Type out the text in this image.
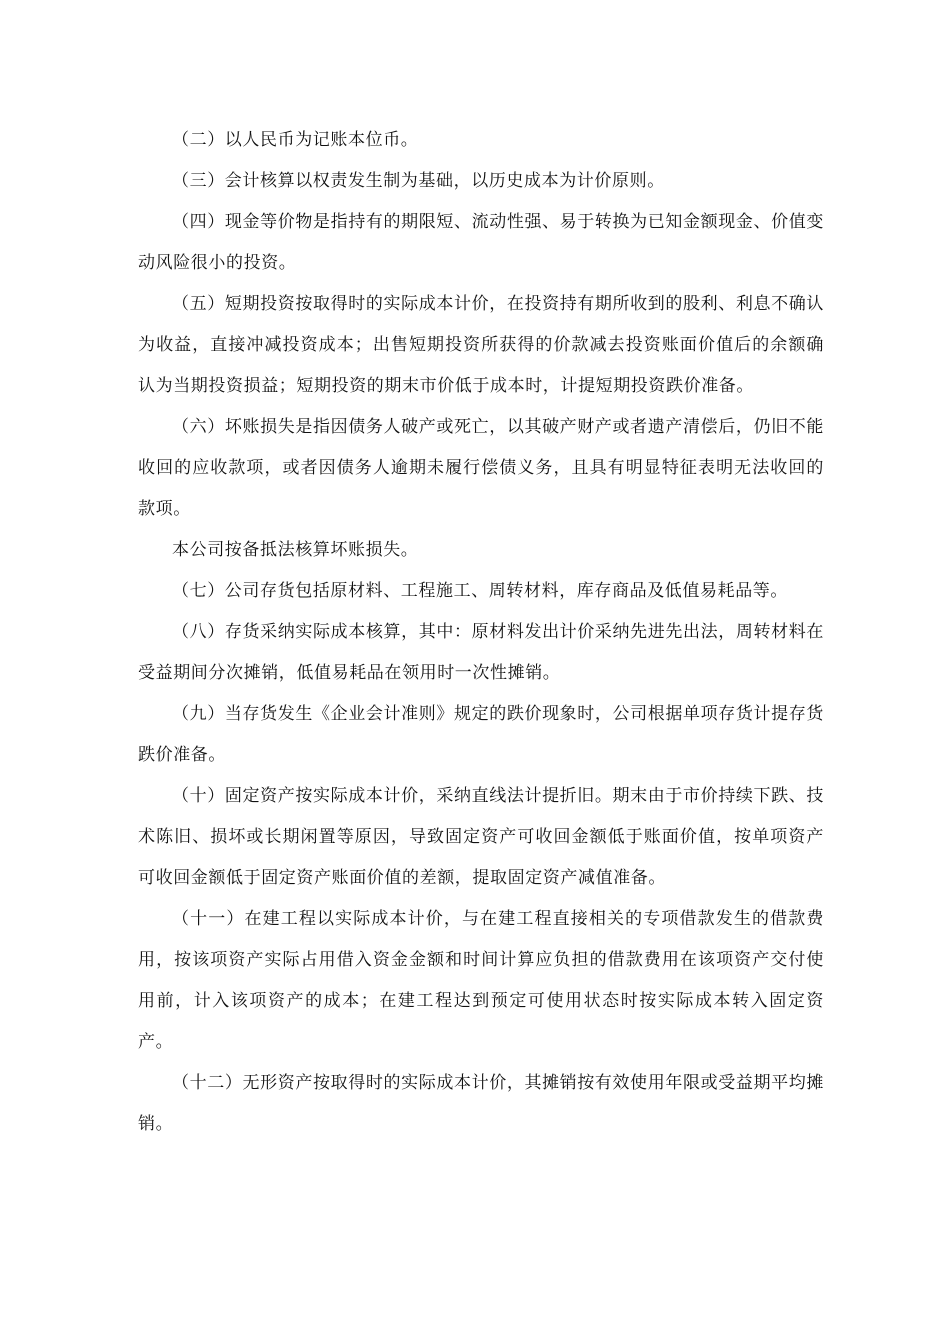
（二）以人民币为记账本位币。

（三）会计核算以权责发生制为基础，以历史成本为计价原则。

（四）现金等价物是指持有的期限短、流动性强、易于转换为已知金额现金、价值变动风险很小的投资。

（五）短期投资按取得时的实际成本计价，在投资持有期所收到的股利、利息不确认为收益，直接冲减投资成本；出售短期投资所获得的价款减去投资账面价值后的余额确认为当期投资损益；短期投资的期末市价低于成本时，计提短期投资跌价准备。

（六）坏账损失是指因债务人破产或死亡，以其破产财产或者遗产清偿后，仍旧不能收回的应收款项，或者因债务人逾期未履行偿债义务，且具有明显特征表明无法收回的款项。

本公司按备抵法核算坏账损失。

（七）公司存货包括原材料、工程施工、周转材料，库存商品及低值易耗品等。

（八）存货采纳实际成本核算，其中：原材料发出计价采纳先进先出法，周转材料在受益期间分次摊销，低值易耗品在领用时一次性摊销。

（九）当存货发生《企业会计准则》规定的跌价现象时，公司根据单项存货计提存货跌价准备。

（十）固定资产按实际成本计价，采纳直线法计提折旧。期末由于市价持续下跌、技术陈旧、损坏或长期闲置等原因，导致固定资产可收回金额低于账面价值，按单项资产可收回金额低于固定资产账面价值的差额，提取固定资产减值准备。

（十一）在建工程以实际成本计价，与在建工程直接相关的专项借款发生的借款费用，按该项资产实际占用借入资金金额和时间计算应负担的借款费用在该项资产交付使用前，计入该项资产的成本；在建工程达到预定可使用状态时按实际成本转入固定资产。

（十二）无形资产按取得时的实际成本计价，其摊销按有效使用年限或受益期平均摊销。
